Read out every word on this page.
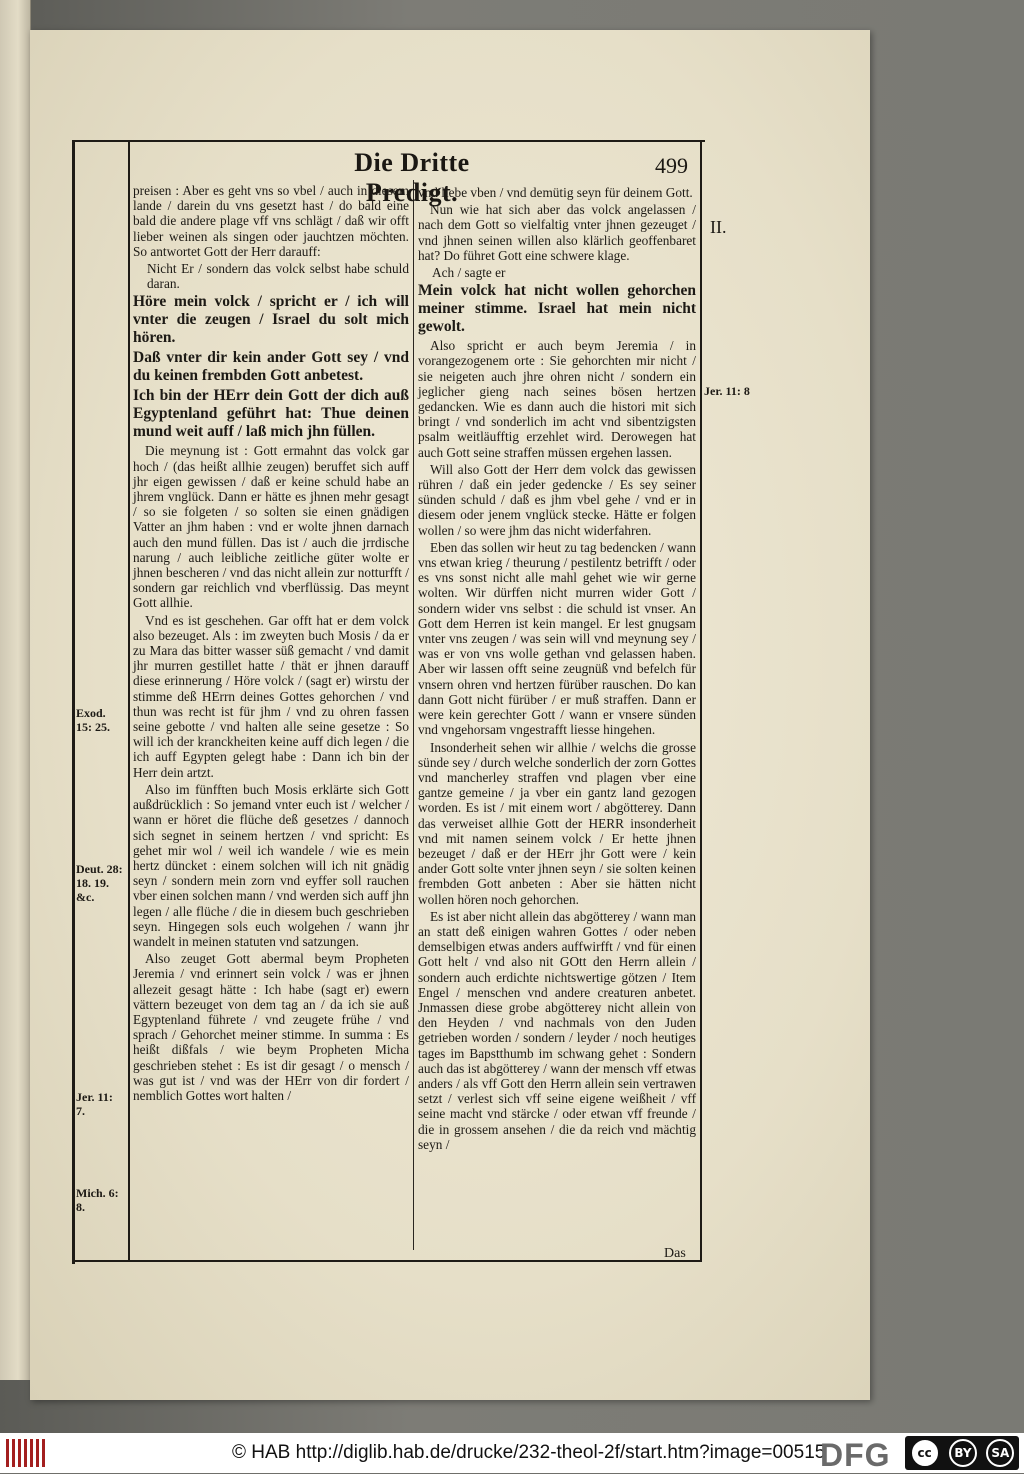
Die Dritte Predigt.
499

preisen : Aber es geht vns so vbel / auch in diesem lande / darein du vns gesetzt hast / do bald eine bald die andere plage vff vns schlägt / daß wir offt lieber weinen als singen oder jauchtzen möchten. So antwortet Gott der Herr darauff:

Nicht Er / sondern das volck selbst habe schuld daran.

Höre mein volck / spricht er / ich will vnter die zeugen / Israel du solt mich hören.

Daß vnter dir kein ander Gott sey / vnd du keinen frembden Gott anbetest.

Ich bin der HErr dein Gott der dich auß Egyptenland geführt hat: Thue deinen mund weit auff / laß mich jhn füllen.

Die meynung ist : Gott ermahnt das volck gar hoch / (das heißt allhie zeugen) beruffet sich auff jhr eigen gewissen / daß er keine schuld habe an jhrem vnglück. Dann er hätte es jhnen mehr gesagt / so sie folgeten / so solten sie einen gnädigen Vatter an jhm haben : vnd er wolte jhnen darnach auch den mund füllen. Das ist / auch die jrrdische narung / auch leibliche zeitliche güter wolte er jhnen bescheren / vnd das nicht allein zur notturfft / sondern gar reichlich vnd vberflüssig. Das meynt Gott allhie.

Vnd es ist geschehen. Gar offt hat er dem volck also bezeuget. Als : im zweyten buch Mosis / da er zu Mara das bitter wasser süß gemacht / vnd damit jhr murren gestillet hatte / thät er jhnen darauff diese erinnerung / Höre volck / (sagt er) wirstu der stimme deß HErrn deines Gottes gehorchen / vnd thun was recht ist für jhm / vnd zu ohren fassen seine gebotte / vnd halten alle seine gesetze : So will ich der kranckheiten keine auff dich legen / die ich auff Egypten gelegt habe : Dann ich bin der Herr dein artzt.

Also im fünfften buch Mosis erklärte sich Gott außdrücklich : So jemand vnter euch ist / welcher / wann er höret die flüche deß gesetzes / dannoch sich segnet in seinem hertzen / vnd spricht: Es gehet mir wol / weil ich wandele / wie es mein hertz düncket : einem solchen will ich nit gnädig seyn / sondern mein zorn vnd eyffer soll rauchen vber einen solchen mann / vnd werden sich auff jhn legen / alle flüche / die in diesem buch geschrieben seyn. Hingegen sols euch wolgehen / wann jhr wandelt in meinen statuten vnd satzungen.

Also zeuget Gott abermal beym Propheten Jeremia / vnd erinnert sein volck / was er jhnen allezeit gesagt hätte : Ich habe (sagt er) ewern vättern bezeuget von dem tag an / da ich sie auß Egyptenland führete / vnd zeugete frühe / vnd sprach / Gehorchet meiner stimme. In summa : Es heißt dißfals / wie beym Propheten Micha geschrieben stehet : Es ist dir gesagt / o mensch / was gut ist / vnd was der HErr von dir fordert / nemblich Gottes wort halten /

vnd liebe vben / vnd demütig seyn für deinem Gott.

Nun wie hat sich aber das volck angelassen / nach dem Gott so vielfaltig vnter jhnen gezeuget / vnd jhnen seinen willen also klärlich geoffenbaret hat? Do führet Gott eine schwere klage.

Ach / sagte er

Mein volck hat nicht wollen gehorchen meiner stimme. Israel hat mein nicht gewolt.

Also spricht er auch beym Jeremia / in vorangezogenem orte : Sie gehorchten mir nicht / sie neigeten auch jhre ohren nicht / sondern ein jeglicher gieng nach seines bösen hertzen gedancken. Wie es dann auch die histori mit sich bringt / vnd sonderlich im acht vnd sibentzigsten psalm weitläufftig erzehlet wird. Derowegen hat auch Gott seine straffen müssen ergehen lassen.

Will also Gott der Herr dem volck das gewissen rühren / daß ein jeder gedencke / Es sey seiner sünden schuld / daß es jhm vbel gehe / vnd er in diesem oder jenem vnglück stecke. Hätte er folgen wollen / so were jhm das nicht widerfahren.

Eben das sollen wir heut zu tag bedencken / wann vns etwan krieg / theurung / pestilentz betrifft / oder es vns sonst nicht alle mahl gehet wie wir gerne wolten. Wir dürffen nicht murren wider Gott / sondern wider vns selbst : die schuld ist vnser. An Gott dem Herren ist kein mangel. Er lest gnugsam vnter vns zeugen / was sein will vnd meynung sey / was er von vns wolle gethan vnd gelassen haben. Aber wir lassen offt seine zeugnüß vnd befelch für vnsern ohren vnd hertzen fürüber rauschen. Do kan dann Gott nicht fürüber / er muß straffen. Dann er were kein gerechter Gott / wann er vnsere sünden vnd vngehorsam vngestrafft liesse hingehen.

Insonderheit sehen wir allhie / welchs die grosse sünde sey / durch welche sonderlich der zorn Gottes vnd mancherley straffen vnd plagen vber eine gantze gemeine / ja vber ein gantz land gezogen worden. Es ist / mit einem wort / abgötterey. Dann das verweiset allhie Gott der HERR insonderheit vnd mit namen seinem volck / Er hette jhnen bezeuget / daß er der HErr jhr Gott were / kein ander Gott solte vnter jhnen seyn / sie solten keinen frembden Gott anbeten : Aber sie hätten nicht wollen hören noch gehorchen.

Es ist aber nicht allein das abgötterey / wann man an statt deß einigen wahren Gottes / oder neben demselbigen etwas anders auffwirfft / vnd für einen Gott helt / vnd also nit GOtt den Herrn allein / sondern auch erdichte nichtswertige götzen / Item Engel / menschen vnd andere creaturen anbetet. Jnmassen diese grobe abgötterey nicht allein von den Heyden / vnd nachmals von den Juden getrieben worden / sondern / leyder / noch heutiges tages im Bapstthumb im schwang gehet : Sondern auch das ist abgötterey / wann der mensch vff etwas anders / als vff Gott den Herrn allein sein vertrawen setzt / verlest sich vff seine eigene weißheit / vff seine macht vnd stärcke / oder etwan vff freunde / die in grossem ansehen / die da reich vnd mächtig seyn /

II.
Jer. 11: 8
Exod. 15: 25.
Deut. 28: 18. 19. &c.
Jer. 11: 7.
Mich. 6: 8.
Das
© HAB http://diglib.hab.de/drucke/232-theol-2f/start.htm?image=00515
DFG	cc	BY	SA
